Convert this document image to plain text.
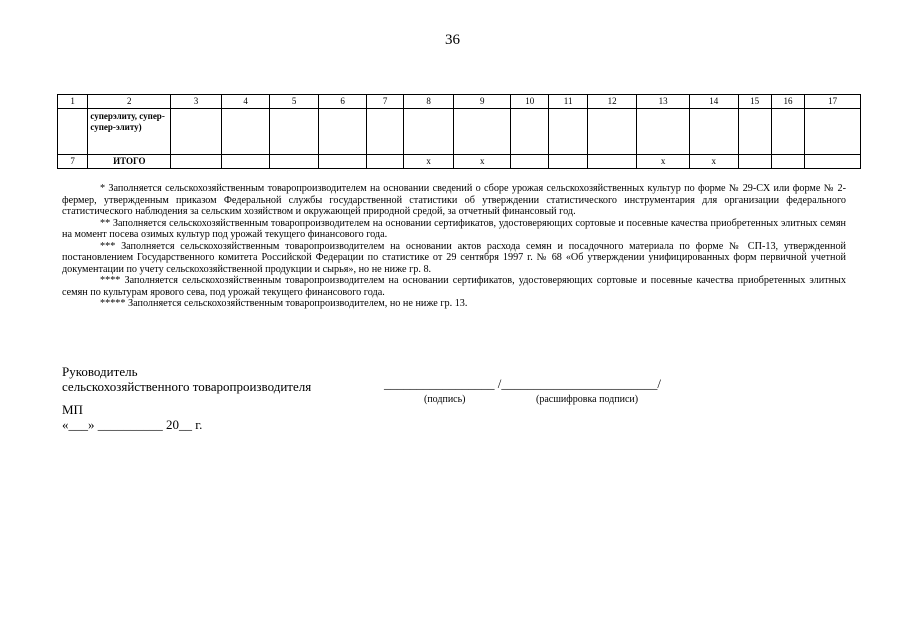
36
1	2	3	4	5	6	7	8	9	10	11	12	13	14	15	16	17
	суперэлиту, супер-супер-элиту)															
7	ИТОГО						х	х				х	х			

* Заполняется сельскохозяйственным товаропроизводителем на основании сведений о сборе урожая сельскохозяйственных культур по форме № 29-СХ или форме № 2-фермер, утвержденным приказом Федеральной службы государственной статистики об утверждении статистического инструментария для организации федерального статистического наблюдения за сельским хозяйством и окружающей природной средой, за отчетный финансовый год.

** Заполняется сельскохозяйственным товаропроизводителем на основании сертификатов, удостоверяющих сортовые и посевные качества приобретенных элитных семян на момент посева озимых культур под урожай текущего финансового года.

*** Заполняется сельскохозяйственным товаропроизводителем на основании актов расхода семян и посадочного материала по форме № СП-13, утвержденной постановлением Государственного комитета Российской Федерации по статистике от 29 сентября 1997 г. № 68 «Об утверждении унифицированных форм первичной учетной документации по учету сельскохозяйственной продукции и сырья», но не ниже гр. 8.

**** Заполняется сельскохозяйственным товаропроизводителем на основании сертификатов, удостоверяющих сортовые и посевные качества приобретенных элитных семян по культурам ярового сева, под урожай текущего финансового года.

***** Заполняется сельскохозяйственным товаропроизводителем, но не ниже гр. 13.

Руководитель
сельскохозяйственного товаропроизводителя	_________________ /________________________/
(подпись)	(расшифровка подписи)
МП
«___» __________ 20__ г.
